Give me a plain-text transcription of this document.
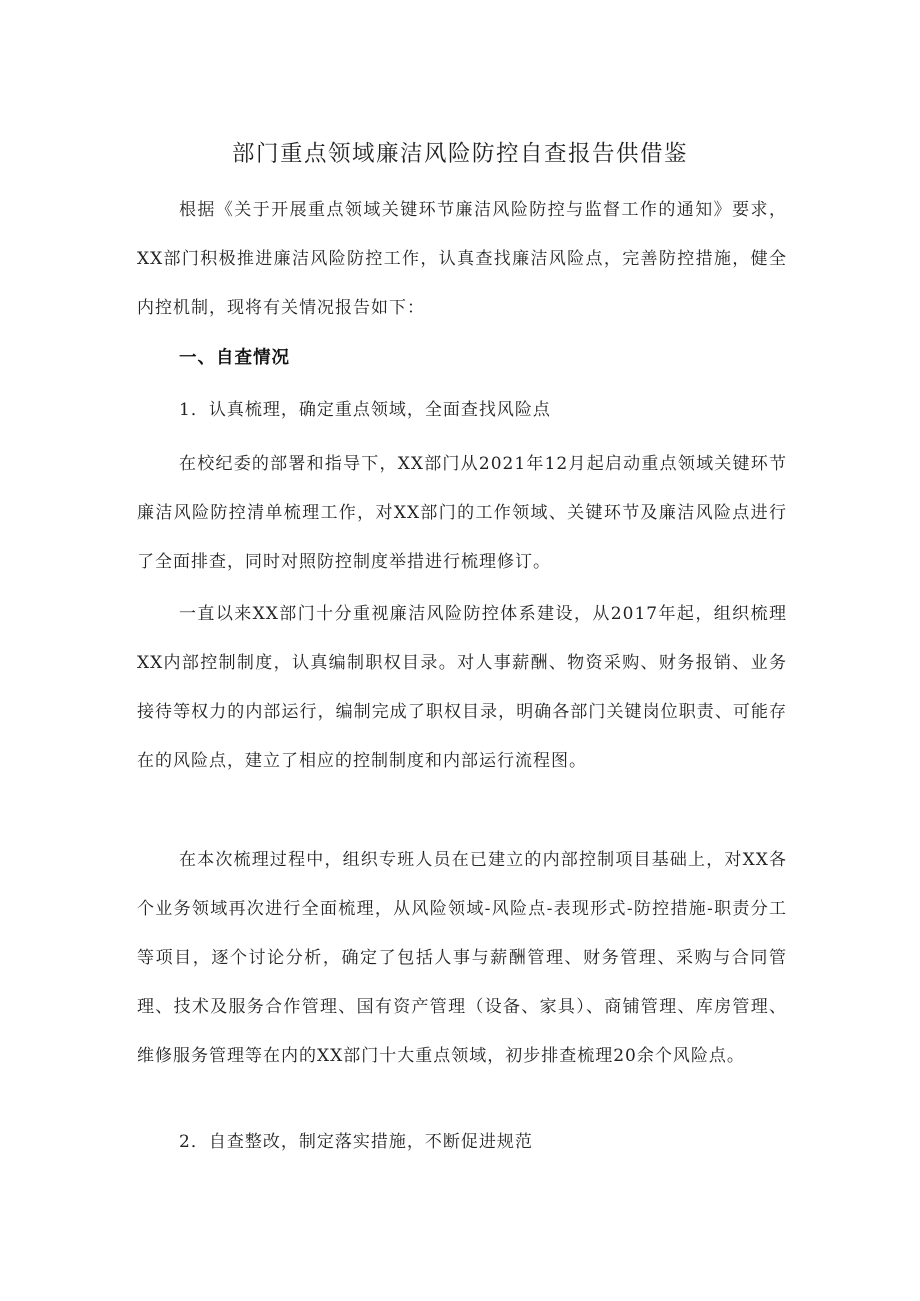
部门重点领域廉洁风险防控自查报告供借鉴

根据《关于开展重点领域关键环节廉洁风险防控与监督工作的通知》要求，XX部门积极推进廉洁风险防控工作，认真查找廉洁风险点，完善防控措施，健全内控机制，现将有关情况报告如下：

一、自查情况

1．认真梳理，确定重点领域，全面查找风险点

在校纪委的部署和指导下，XX部门从2021年12月起启动重点领域关键环节廉洁风险防控清单梳理工作，对XX部门的工作领域、关键环节及廉洁风险点进行了全面排查，同时对照防控制度举措进行梳理修订。

一直以来XX部门十分重视廉洁风险防控体系建设，从2017年起，组织梳理XX内部控制制度，认真编制职权目录。对人事薪酬、物资采购、财务报销、业务接待等权力的内部运行，编制完成了职权目录，明确各部门关键岗位职责、可能存在的风险点，建立了相应的控制制度和内部运行流程图。

在本次梳理过程中，组织专班人员在已建立的内部控制项目基础上，对XX各个业务领域再次进行全面梳理，从风险领域-风险点-表现形式-防控措施-职责分工等项目，逐个讨论分析，确定了包括人事与薪酬管理、财务管理、采购与合同管理、技术及服务合作管理、国有资产管理（设备、家具）、商铺管理、库房管理、维修服务管理等在内的XX部门十大重点领域，初步排查梳理20余个风险点。

2．自查整改，制定落实措施，不断促进规范
